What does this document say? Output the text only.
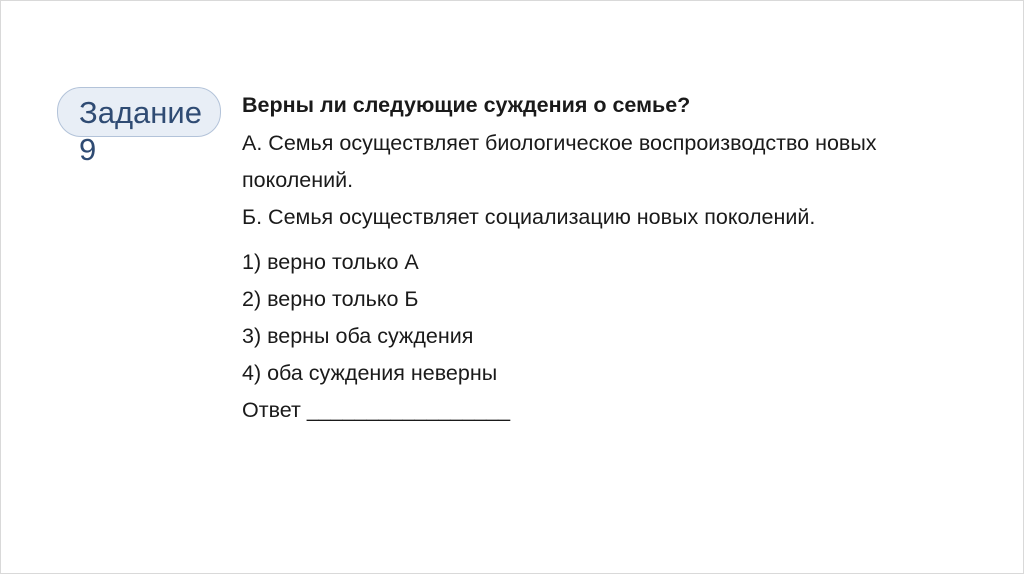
Задание 9

Верны ли следующие суждения о семье?

А. Семья осуществляет биологическое воспроизводство новых поколений.

Б. Семья осуществляет социализацию новых поколений.

1) верно только А
2) верно только Б
3) верны оба суждения
4) оба суждения неверны

Ответ _________________
